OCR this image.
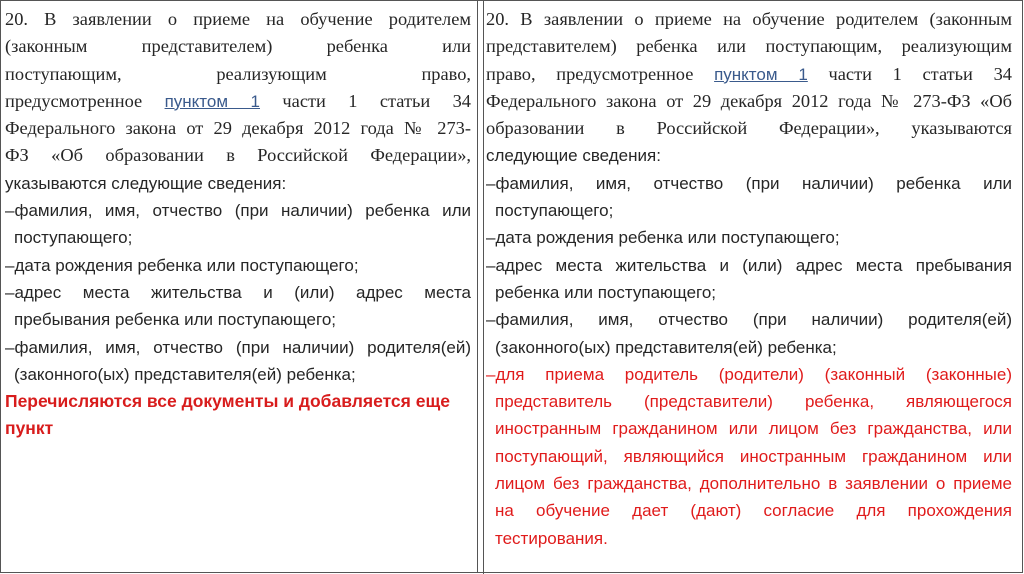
20. В заявлении о приеме на обучение родителем
(законным представителем) ребенка или
поступающим, реализующим право,
предусмотренное пунктом 1 части 1 статьи 34
Федерального закона от 29 декабря 2012 года № 273-
ФЗ «Об образовании в Российской Федерации»,
указываются следующие сведения:
–фамилия, имя, отчество (при наличии) ребенка или поступающего;
–дата рождения ребенка или поступающего;
–адрес места жительства и (или) адрес места пребывания ребенка или поступающего;
–фамилия, имя, отчество (при наличии) родителя(ей) (законного(ых) представителя(ей) ребенка;
Перечисляются все документы и добавляется еще пункт
20. В заявлении о приеме на обучение родителем (законным
представителем) ребенка или поступающим, реализующим
право, предусмотренное пунктом 1 части 1 статьи 34
Федерального закона от 29 декабря 2012 года № 273-ФЗ «Об
образовании в Российской Федерации», указываются
следующие сведения:
–фамилия, имя, отчество (при наличии) ребенка или поступающего;
–дата рождения ребенка или поступающего;
–адрес места жительства и (или) адрес места пребывания ребенка или поступающего;
–фамилия, имя, отчество (при наличии) родителя(ей) (законного(ых) представителя(ей) ребенка;
–для приема родитель (родители) (законный (законные) представитель (представители) ребенка, являющегося иностранным гражданином или лицом без гражданства, или поступающий, являющийся иностранным гражданином или лицом без гражданства, дополнительно в заявлении о приеме на обучение дает (дают) согласие для прохождения тестирования.
